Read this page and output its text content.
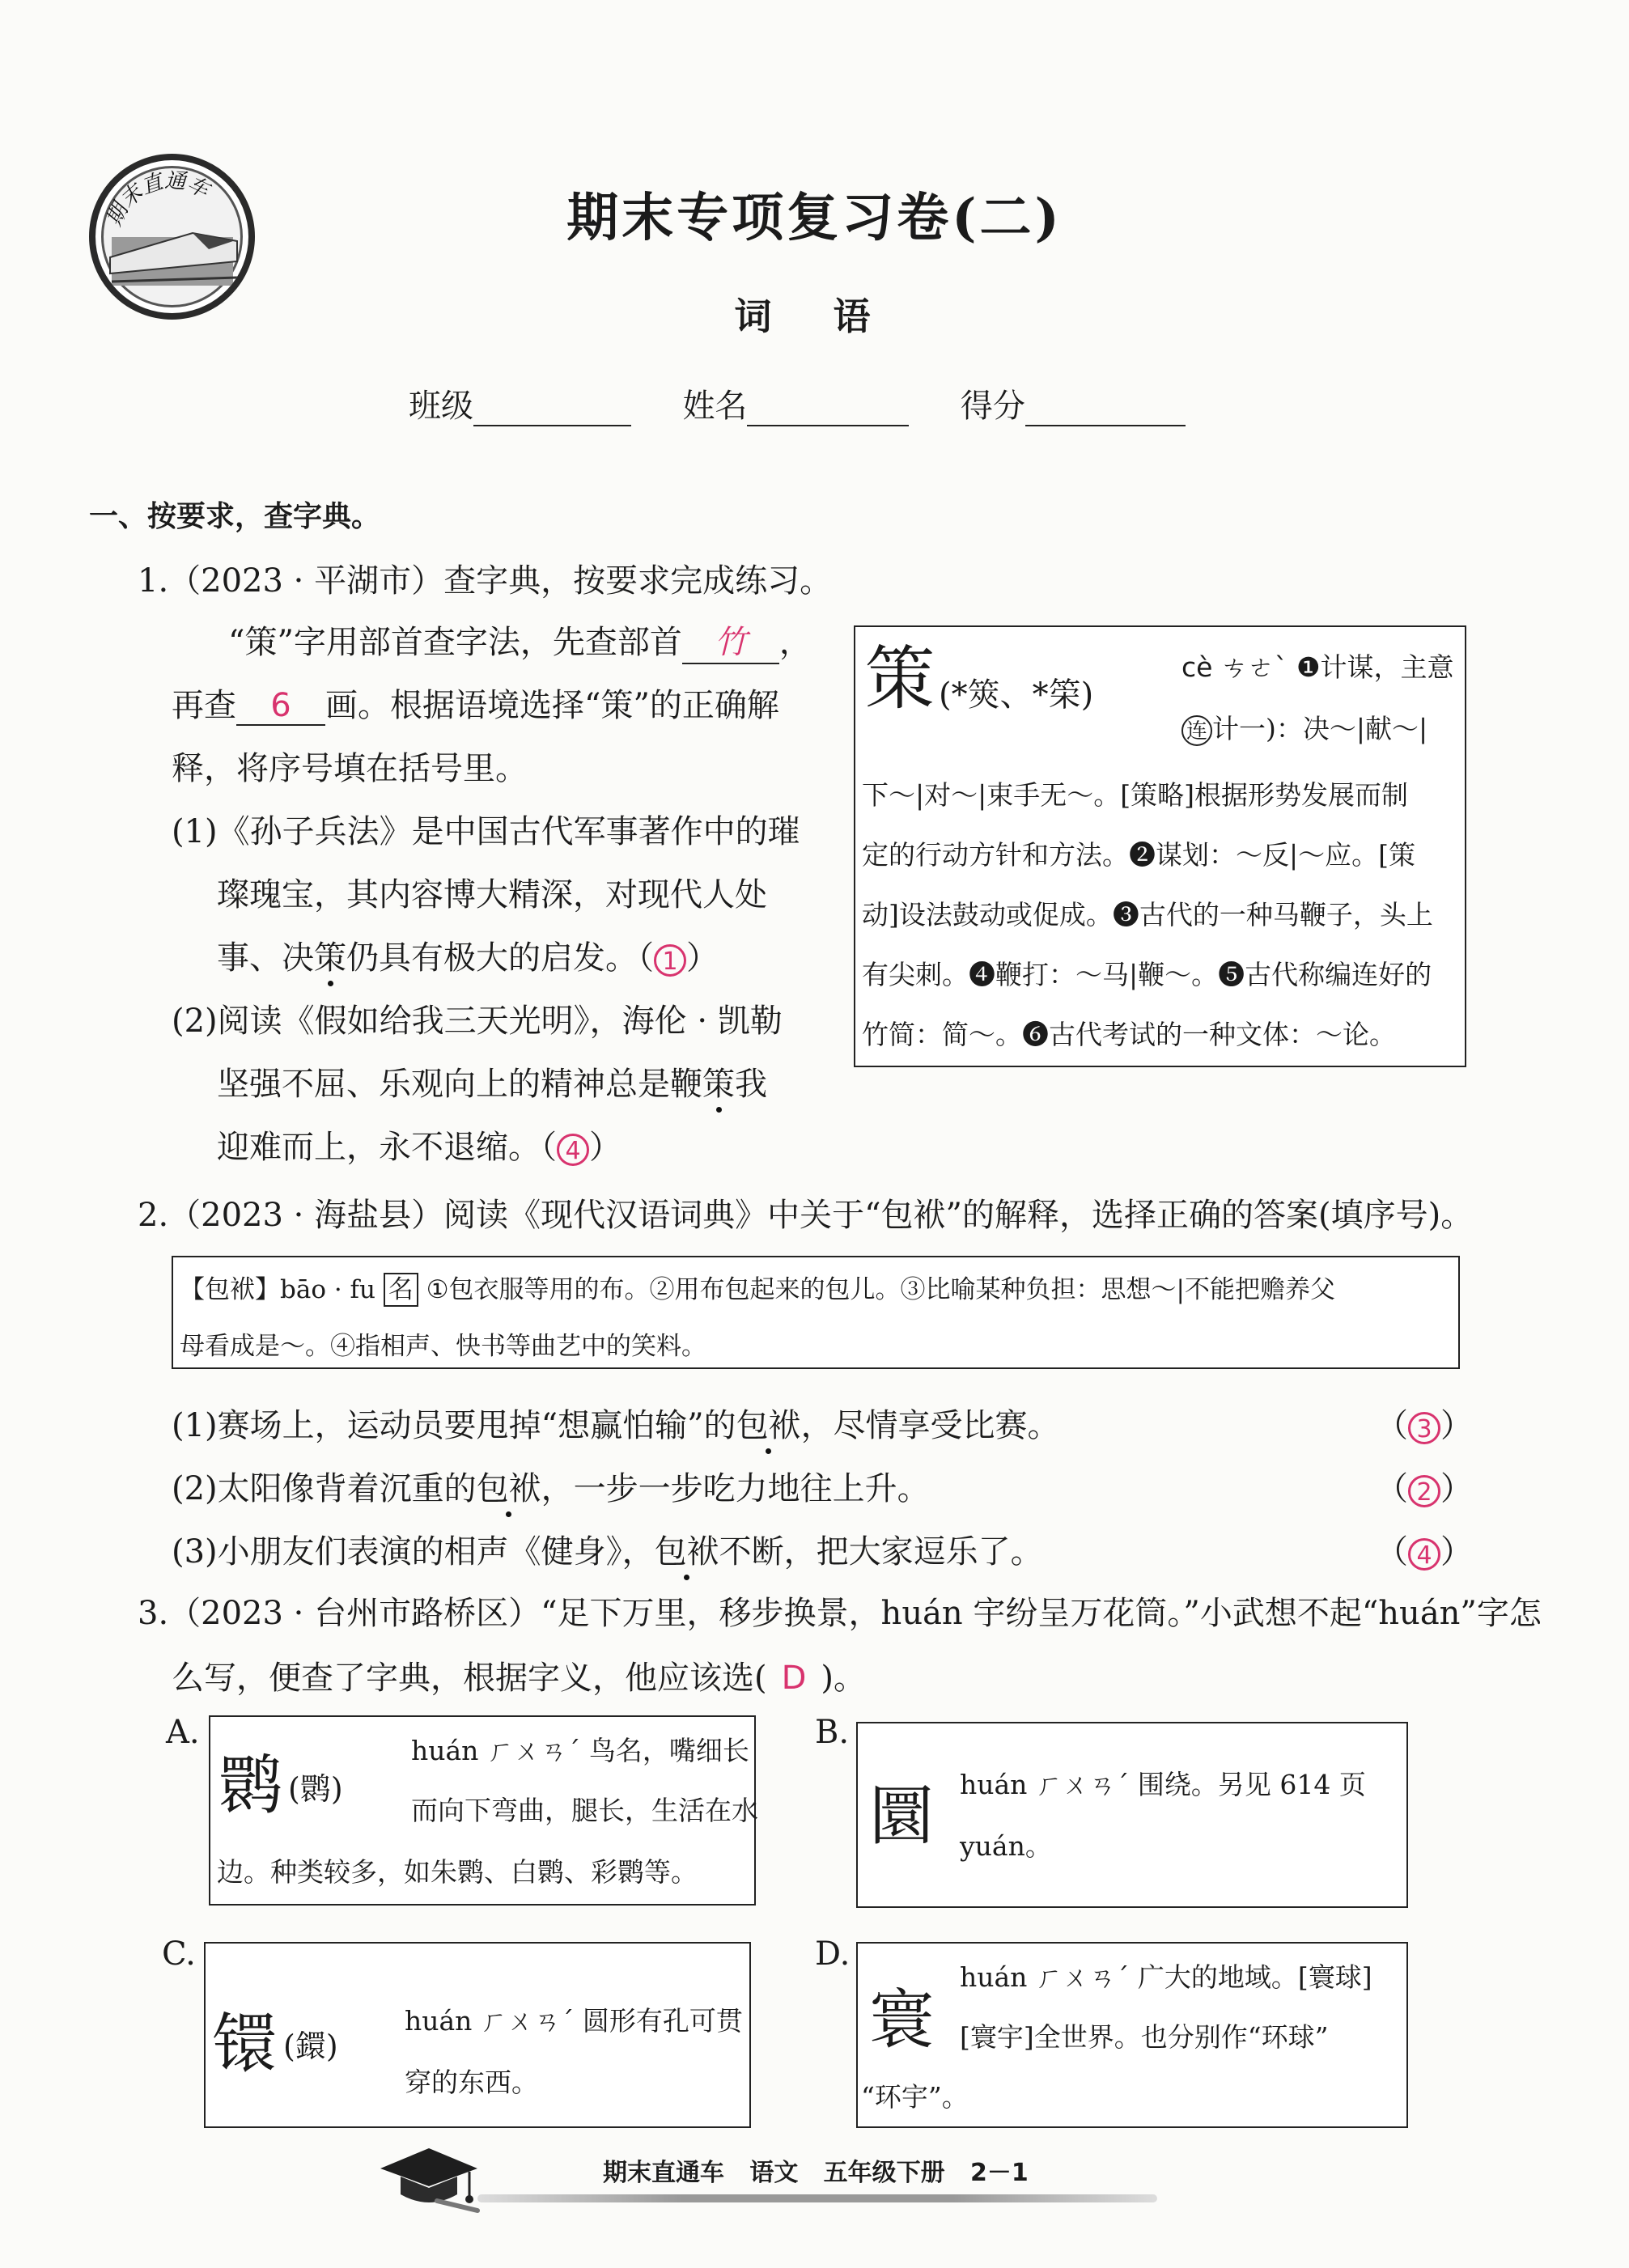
期末直通车
期末专项复习卷(二)
词 语
班级	姓名	得分
一、按要求，查字典。
1.（2023 · 平湖市）查字典，按要求完成练习。
“策”字用部首查字法，先查部首 竹 ，
再查 6 画。根据语境选择“策”的正确解
释，将序号填在括号里。
(1)《孙子兵法》是中国古代军事著作中的璀
璨瑰宝，其内容博大精深，对现代人处
事、决策仍具有极大的启发。（ 1 ）
(2)阅读《假如给我三天光明》，海伦 · 凯勒
坚强不屈、乐观向上的精神总是鞭策我
迎难而上，永不退缩。（ 4 ）
策 (*筴、*筞)
cè ㄘㄜˋ ❶计谋，主意
连 计一)：决～|献～|
下～|对～|束手无～。[策略]根据形势发展而制
定的行动方针和方法。❷谋划：～反|～应。[策
动]设法鼓动或促成。❸古代的一种马鞭子，头上
有尖刺。❹鞭打：～马|鞭～。❺古代称编连好的
竹简：简～。❻古代考试的一种文体：～论。
2.（2023 · 海盐县）阅读《现代汉语词典》中关于“包袱”的解释，选择正确的答案(填序号)。
【包袱】bāo · fu 名 ①包衣服等用的布。②用布包起来的包儿。③比喻某种负担：思想～|不能把赡养父
母看成是～。④指相声、快书等曲艺中的笑料。
(1)赛场上，运动员要甩掉“想赢怕输”的包袱，尽情享受比赛。	（ 3 ）
(2)太阳像背着沉重的包袱，一步一步吃力地往上升。	（ 2 ）
(3)小朋友们表演的相声《健身》，包袱不断，把大家逗乐了。	（ 4 ）
3.（2023 · 台州市路桥区）“足下万里，移步换景，huán 宇纷呈万花筒。”小武想不起“huán”字怎
么写，便查了字典，根据字义，他应该选( D )。
A.
鹮 (鹮)
huán ㄏㄨㄢˊ 鸟名，嘴细长
而向下弯曲，腿长，生活在水
边。种类较多，如朱鹮、白鹮、彩鹮等。
B.
圜 huán ㄏㄨㄢˊ 围绕。另见 614 页
yuán。
C.
镮 (鐶)
huán ㄏㄨㄢˊ 圆形有孔可贯
穿的东西。
D.
寰
huán ㄏㄨㄢˊ 广大的地域。[寰球]
[寰宇]全世界。也分别作“环球”
“环宇”。
期末直通车   语文   五年级下册   2－1
